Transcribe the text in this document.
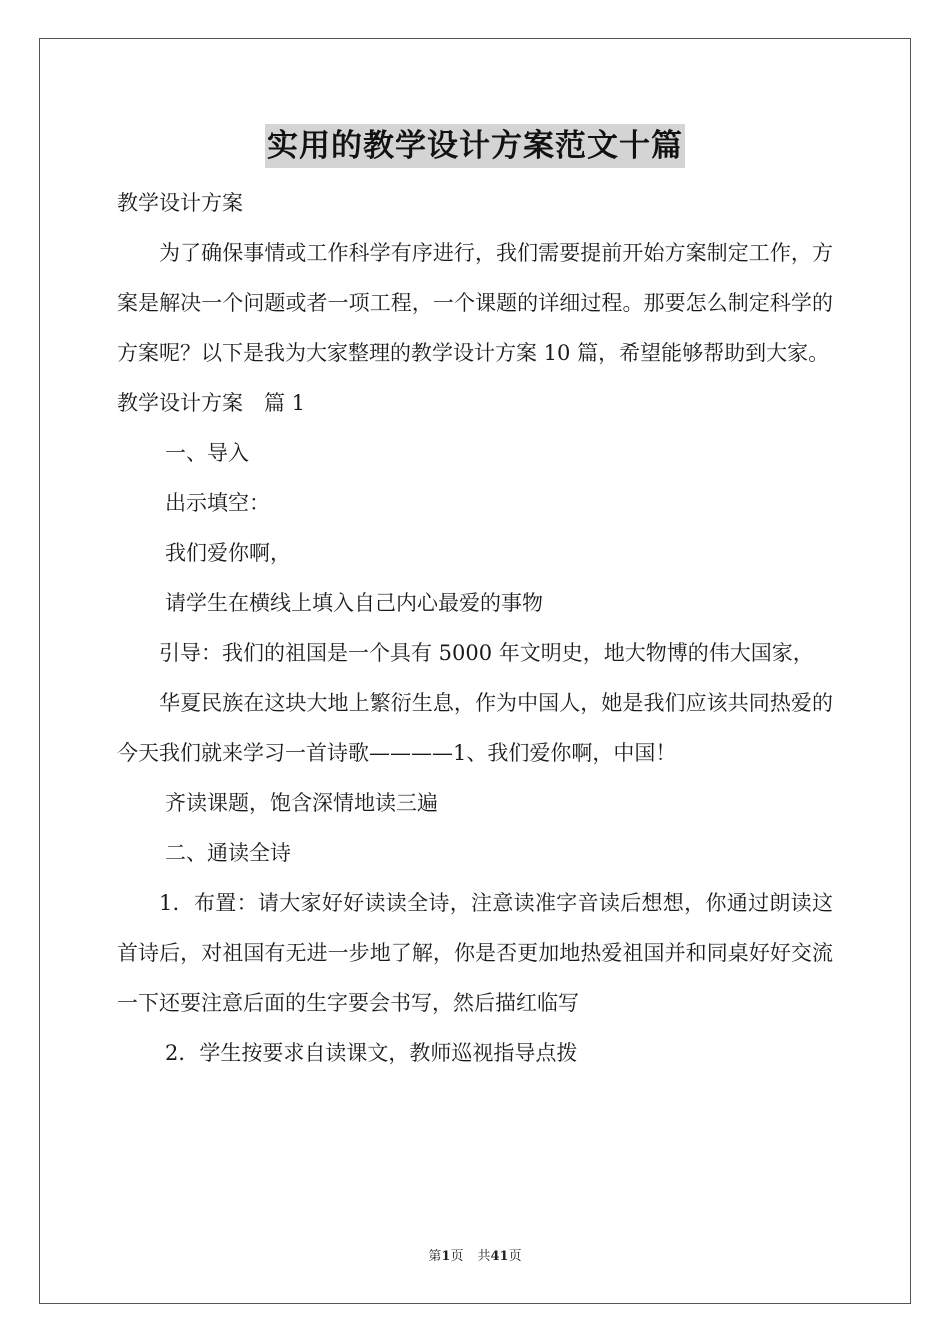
实用的教学设计方案范文十篇
教学设计方案
为了确保事情或工作科学有序进行，我们需要提前开始方案制定工作，方案是解决一个问题或者一项工程，一个课题的详细过程。那要怎么制定科学的方案呢？以下是我为大家整理的教学设计方案 10 篇，希望能够帮助到大家。
教学设计方案　篇 1
一、导入
出示填空：
我们爱你啊，
请学生在横线上填入自己内心最爱的事物
引导：我们的祖国是一个具有 5000 年文明史，地大物博的伟大国家，
华夏民族在这块大地上繁衍生息，作为中国人，她是我们应该共同热爱的今天我们就来学习一首诗歌————1、我们爱你啊，中国！
齐读课题，饱含深情地读三遍
二、通读全诗
1．布置：请大家好好读读全诗，注意读准字音读后想想，你通过朗读这首诗后，对祖国有无进一步地了解，你是否更加地热爱祖国并和同桌好好交流一下还要注意后面的生字要会书写，然后描红临写
2．学生按要求自读课文，教师巡视指导点拨
第1页 共41页
